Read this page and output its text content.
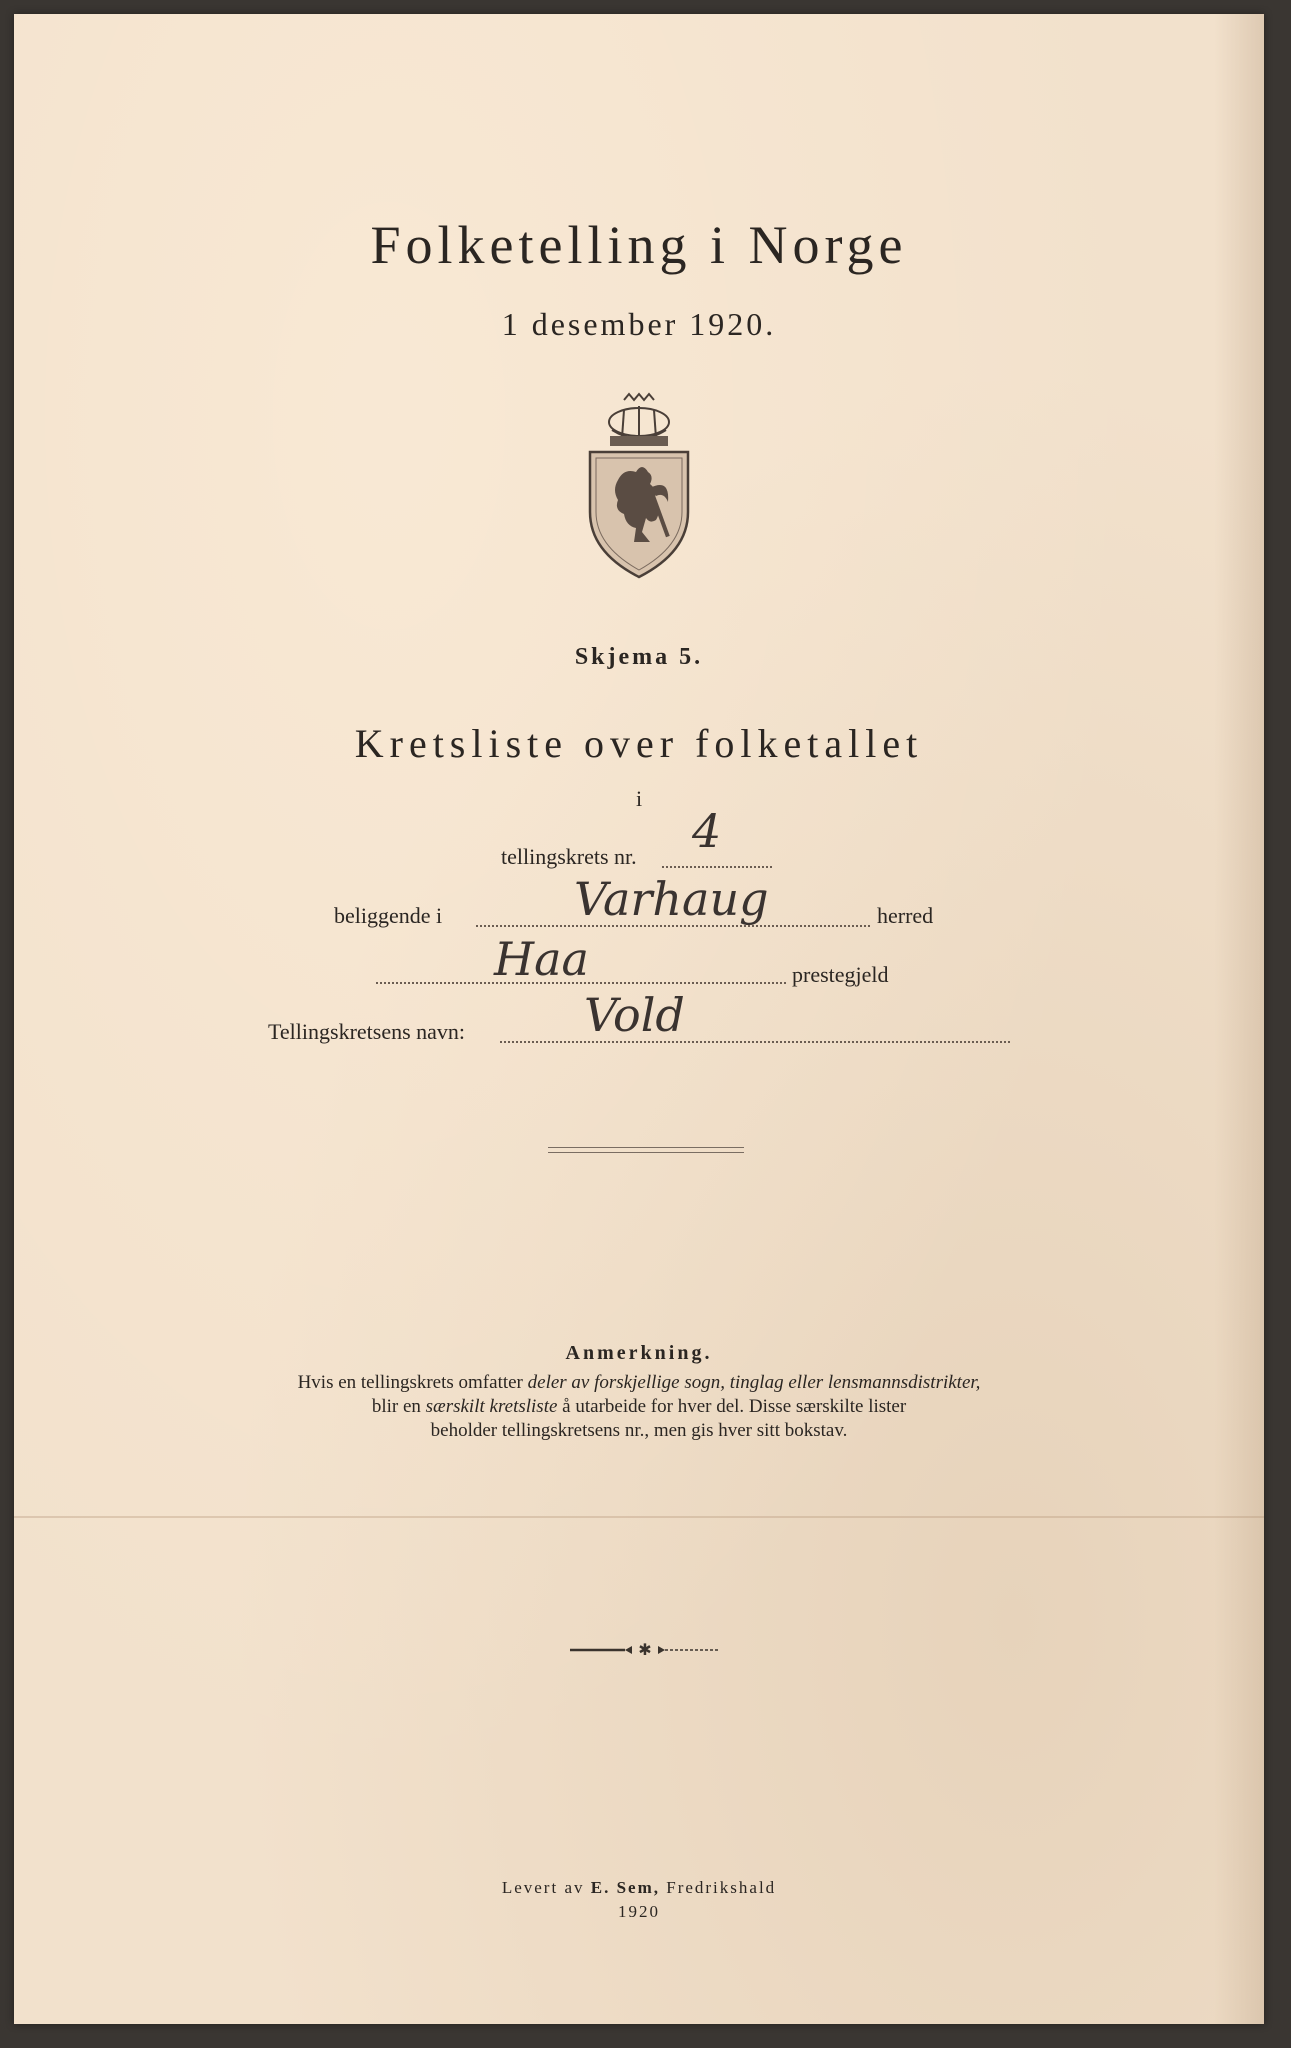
Folketelling i Norge
1 desember 1920.
Skjema 5.
Kretsliste over folketallet
i
tellingskrets nr. 4
beliggende i	Varhaug	herred
Haa	prestegjeld
Tellingskretsens navn:	Vold
Anmerkning.
Hvis en tellingskrets omfatter deler av forskjellige sogn, tinglag eller lensmannsdistrikter,
blir en særskilt kretsliste å utarbeide for hver del. Disse særskilte lister
beholder tellingskretsens nr., men gis hver sitt bokstav.
✱
Levert av E. Sem, Fredrikshald
1920
